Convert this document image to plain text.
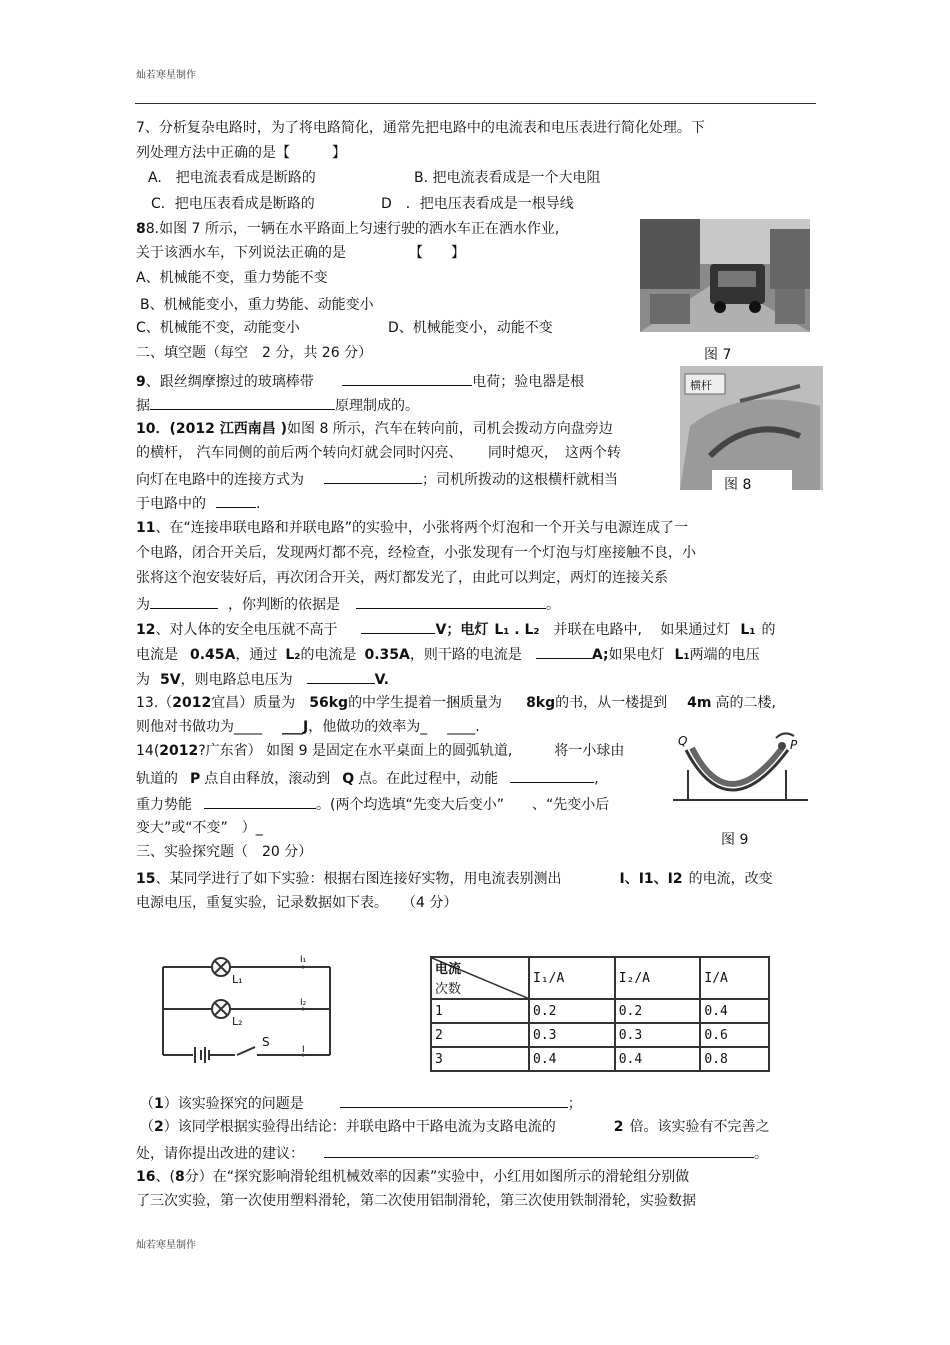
灿若寒星制作
7、分析复杂电路时，为了将电路简化，通常先把电路中的电流表和电压表进行简化处理。下
列处理方法中正确的是【　　　】
A.　把电流表看成是断路的	B. 把电流表看成是一个大电阻
C．把电压表看成是断路的	D　．把电压表看成是一根导线
88.如图 7 所示，一辆在水平路面上匀速行驶的洒水车正在洒水作业,
关于该洒水车，下列说法正确的是　　　　　【　　】
A、机械能不变，重力势能不变
B、机械能变小，重力势能、动能变小
C、机械能不变，动能变小	D、机械能变小，动能不变
图 7
二、填空题（每空　2 分，共 26 分）
9、跟丝绸摩擦过的玻璃棒带	电荷；验电器是根
据	原理制成的。
横杆
图 8
10．(2012 江西南昌 )如图 8 所示，汽车在转向前，司机会拨动方向盘旁边
的横杆， 汽车同侧的前后两个转向灯就会同时闪亮、　　 同时熄灭，　这两个转
向灯在电路中的连接方式为	；司机所拨动的这根横杆就相当
于电路中的	.
11、在“连接串联电路和并联电路”的实验中，小张将两个灯泡和一个开关与电源连成了一
个电路，闭合开关后，发现两灯都不亮，经检查，小张发现有一个灯泡与灯座接触不良，小
张将这个泡安装好后，再次闭合开关，两灯都发光了，由此可以判定，两灯的连接关系
为	，你判断的依据是	。
12、对人体的安全电压就不高于	V；电灯 L₁ . L₂ 并联在电路中,　 如果通过灯 L₁ 的
电流是 0.45A，通过 L₂的电流是 0.35A，则干路的电流是	A;如果电灯 L₁两端的电压
为 5V，则电路总电压为	V.
13.（2012宜昌）质量为 56kg的中学生提着一捆质量为 8kg的书，从一楼提到 4m 高的二楼,
则他对书做功为____ ___J，他做功的效率为_ ____.
14(2012?广东省） 如图 9 是固定在水平桌面上的圆弧轨道,　　　将一小球由
轨道的 P 点自由释放，滚动到 Q 点。在此过程中，动能	,
重力势能	。(两个均选填“先变大后变小”　　、“先变小后
变大”或“不变”　）_
Q	P
图 9
三、实验探究题（　20 分）
15、某同学进行了如下实验：根据右图连接好实物，用电流表别测出	I、I1、I2 的电流，改变
电源电压，重复实验，记录数据如下表。　　（4 分）
L₁
L₂
I₁
I₂
I
S
电流
次数	I₁/A	I₂/A	I/A
1	0.2	0.2	0.4
2	0.3	0.3	0.6
3	0.4	0.4	0.8
（1）该实验探究的问题是	；
（2）该同学根据实验得出结论：并联电路中干路电流为支路电流的	2 倍。该实验有不完善之
处，请你提出改进的建议：	。
16、(8分）在“探究影响滑轮组机械效率的因素”实验中，小红用如图所示的滑轮组分别做
了三次实验，第一次使用塑料滑轮，第二次使用铝制滑轮，第三次使用铁制滑轮，实验数据
灿若寒星制作
